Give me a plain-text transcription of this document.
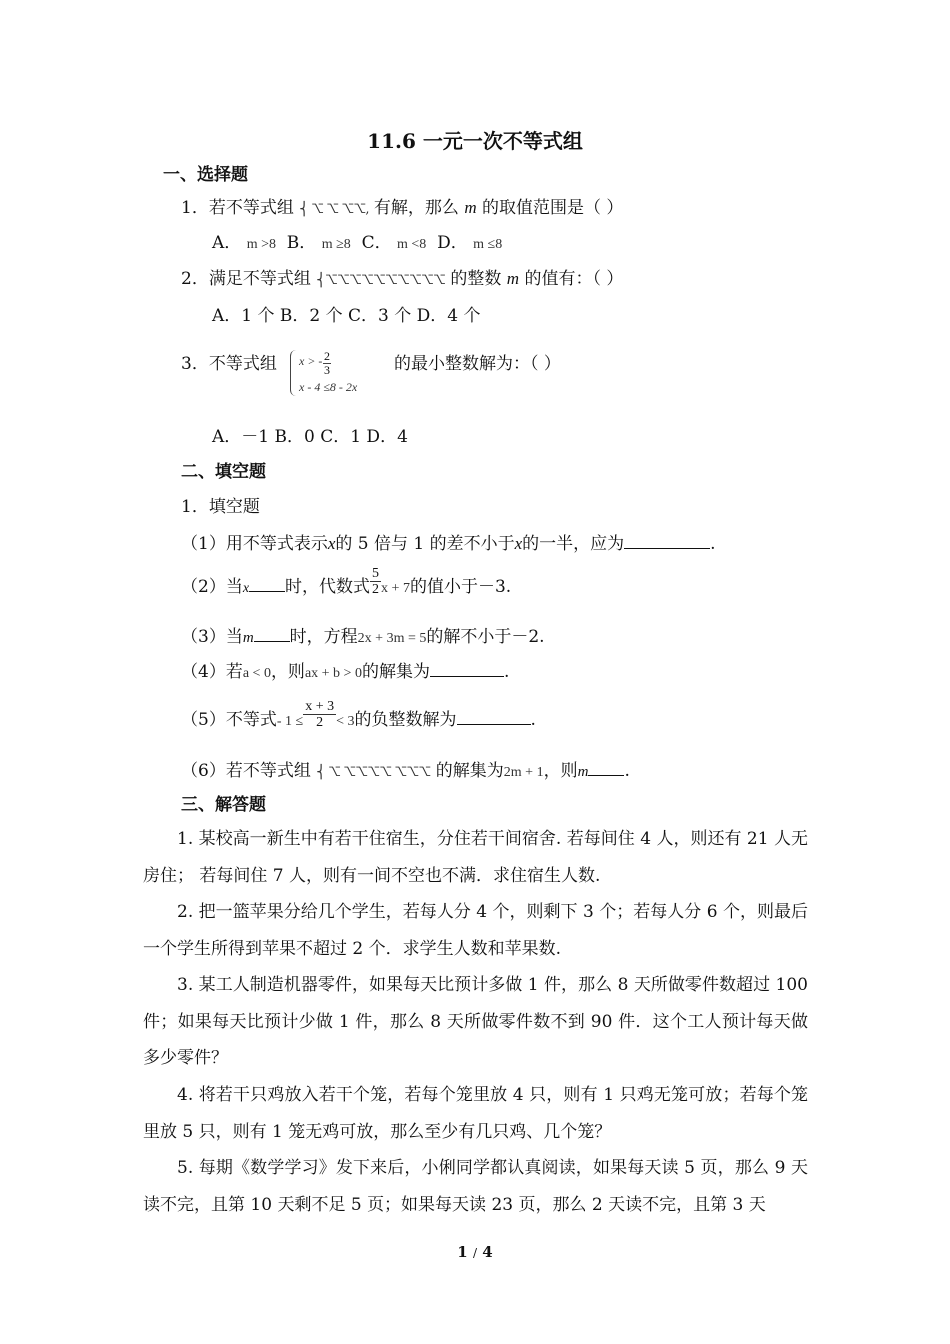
11.6 一元一次不等式组
一、选择题
1．若不等式组 ⎨ ⌥ ⌥ ⌥⌥, 有解，那么 m 的取值范围是（ ）
A． m >8 B． m ≥8 C． m <8 D． m ≤8
2．满足不等式组 ⎨⌥⌥⌥⌥⌥⌥⌥⌥⌥⌥ 的整数 m 的值有：（ ）
A．1 个 B．2 个 C．3 个 D．4 个
3．不等式组 x > - $\frac{2}{3}$
x - 4 ≤8 - 2x
的最小整数解为：（ ）
A．－1 B．0 C．1 D．4
二、填空题
1．填空题
（1）用不等式表示x的 5 倍与 1 的差不小于x的一半，应为	.
（2）当x 时，代数式 $\frac{5}{2}$ x + 7的值小于－3.
（3）当m 时，方程2x + 3m = 5的解不小于－2.
（4）若a < 0，则ax + b > 0的解集为	.
（5）不等式- $1 \le \frac{x + 3}{2} < 3$的负整数解为	.
（6）若不等式组 ⎨ ⌥ ⌥⌥⌥⌥ ⌥⌥⌥ 的解集为2m + 1，则m .
三、解答题
1. 某校高一新生中有若干住宿生，分住若干间宿舍. 若每间住 4 人，则还有 21 人无房住； 若每间住 7 人，则有一间不空也不满．求住宿生人数.
2. 把一篮苹果分给几个学生，若每人分 4 个，则剩下 3 个；若每人分 6 个，则最后一个学生所得到苹果不超过 2 个．求学生人数和苹果数.
3. 某工人制造机器零件，如果每天比预计多做 1 件，那么 8 天所做零件数超过 100 件；如果每天比预计少做 1 件，那么 8 天所做零件数不到 90 件．这个工人预计每天做多少零件？
4. 将若干只鸡放入若干个笼，若每个笼里放 4 只，则有 1 只鸡无笼可放；若每个笼里放 5 只，则有 1 笼无鸡可放，那么至少有几只鸡、几个笼？
5. 每期《数学学习》发下来后，小俐同学都认真阅读，如果每天读 5 页，那么 9 天读不完，且第 10 天剩不足 5 页；如果每天读 23 页，那么 2 天读不完，且第 3 天
1 / 4
